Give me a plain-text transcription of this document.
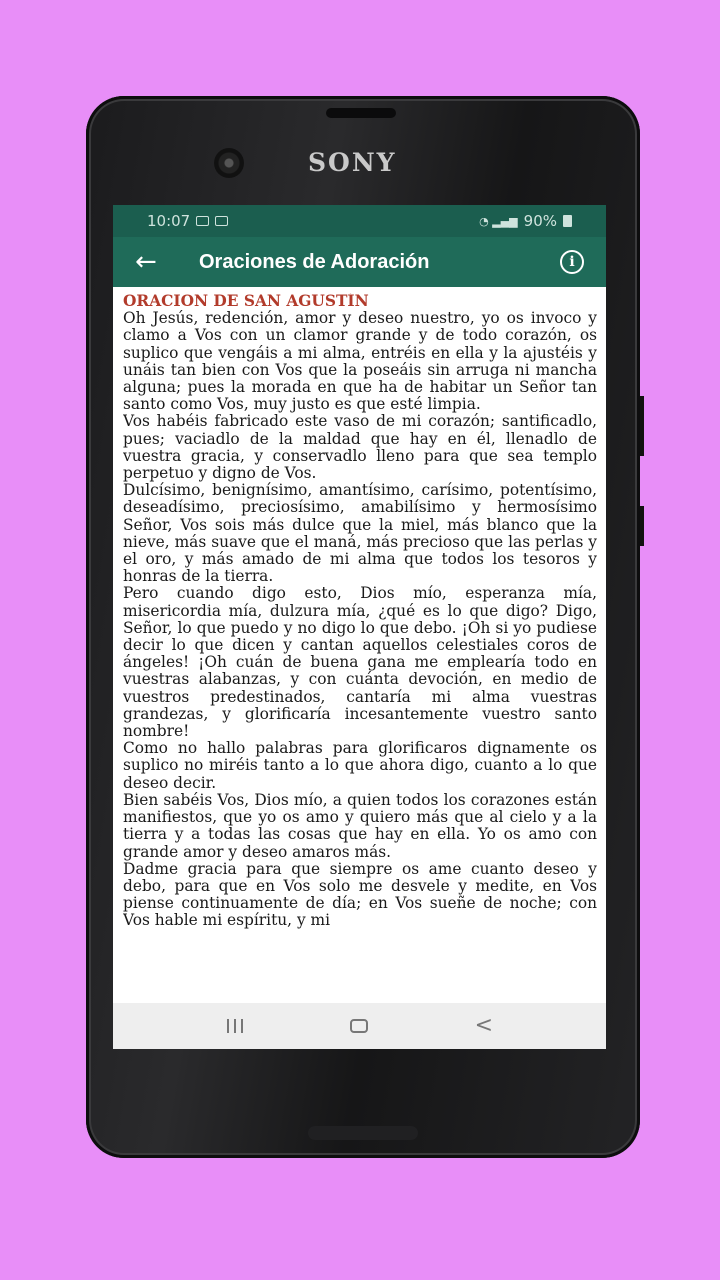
SONY
10:07	◔ ▂▄▆ 90%
←	Oraciones de Adoración	i
ORACIÓN DE SAN AGUSTÍN

Oh Jesús, redención, amor y deseo nuestro, yo os invoco y clamo a Vos con un clamor grande y de todo corazón, os suplico que vengáis a mi alma, entréis en ella y la ajustéis y unáis tan bien con Vos que la poseáis sin arruga ni mancha alguna; pues la morada en que ha de habitar un Señor tan santo como Vos, muy justo es que esté limpia.

Vos habéis fabricado este vaso de mi corazón; santificadlo, pues; vaciadlo de la maldad que hay en él, llenadlo de vuestra gracia, y conservadlo lleno para que sea templo perpetuo y digno de Vos.

Dulcísimo, benignísimo, amantísimo, carísimo, potentísimo, deseadísimo, preciosísimo, amabilísimo y hermosísimo Señor, Vos sois más dulce que la miel, más blanco que la nieve, más suave que el maná, más precioso que las perlas y el oro, y más amado de mi alma que todos los tesoros y honras de la tierra.

Pero cuando digo esto, Dios mío, esperanza mía, misericordia mía, dulzura mía, ¿qué es lo que digo? Digo, Señor, lo que puedo y no digo lo que debo. ¡Oh si yo pudiese decir lo que dicen y cantan aquellos celestiales coros de ángeles! ¡Oh cuán de buena gana me emplearía todo en vuestras alabanzas, y con cuánta devoción, en medio de vuestros predestinados, cantaría mi alma vuestras grandezas, y glorificaría incesantemente vuestro santo nombre!

Como no hallo palabras para glorificaros dignamente os suplico no miréis tanto a lo que ahora digo, cuanto a lo que deseo decir.

Bien sabéis Vos, Dios mío, a quien todos los corazones están manifiestos, que yo os amo y quiero más que al cielo y a la tierra y a todas las cosas que hay en ella. Yo os amo con grande amor y deseo amaros más.

Dadme gracia para que siempre os ame cuanto deseo y debo, para que en Vos solo me desvele y medite, en Vos piense continuamente de día; en Vos sueñe de noche; con Vos hable mi espíritu, y mi

<
